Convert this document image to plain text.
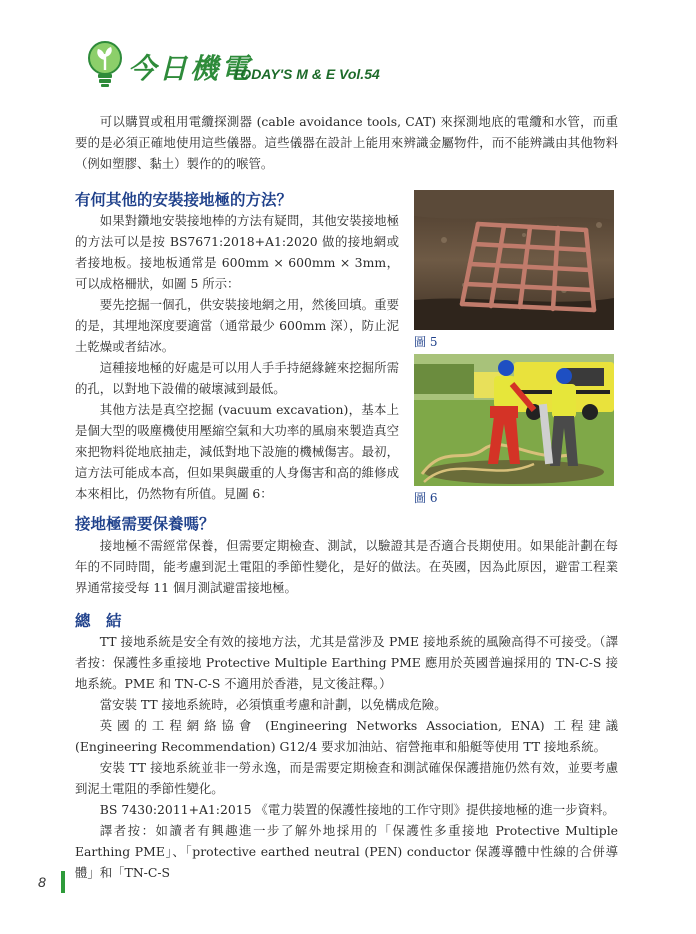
今日機電
TODAY'S M & E Vol.54

可以購買或租用電纜探測器 (cable avoidance tools, CAT) 來探測地底的電纜和水管，而重要的是必須正確地使用這些儀器。這些儀器在設計上能用來辨識金屬物件，而不能辨識由其他物料（例如塑膠、黏土）製作的的喉管。

有何其他的安裝接地極的方法？

如果對鑽地安裝接地棒的方法有疑問，其他安裝接地極的方法可以是按 BS7671:2018+A1:2020 做的接地網或者接地板。接地板通常是 600mm × 600mm × 3mm，可以成格柵狀，如圖 5 所示：

要先挖掘一個孔，供安裝接地網之用，然後回填。重要的是，其埋地深度要適當（通常最少 600mm 深），防止泥土乾燥或者結冰。

這種接地極的好處是可以用人手手持絕緣鏟來挖掘所需的孔，以對地下設備的破壞減到最低。

其他方法是真空挖掘 (vacuum excavation)，基本上是個大型的吸塵機使用壓縮空氣和大功率的風扇來製造真空來把物料從地底抽走，減低對地下設施的機械傷害。最初，這方法可能成本高，但如果與嚴重的人身傷害和高的維修成本來相比，仍然物有所值。見圖 6：

圖 5
圖 6
接地極需要保養嗎？

接地極不需經常保養，但需要定期檢查、測試，以驗證其是否適合長期使用。如果能計劃在每年的不同時間，能考慮到泥土電阻的季節性變化，是好的做法。在英國，因為此原因，避雷工程業界通常接受每 11 個月測試避雷接地極。

總　結

TT 接地系統是安全有效的接地方法，尤其是當涉及 PME 接地系統的風險高得不可接受。（譯者按：保護性多重接地 Protective Multiple Earthing PME 應用於英國普遍採用的 TN-C-S 接地系統。PME 和 TN-C-S 不適用於香港，見文後註釋。）

當安裝 TT 接地系統時，必須慎重考慮和計劃，以免構成危險。

英國的工程網絡協會 (Engineering Networks Association, ENA) 工程建議 (Engineering Recommendation) G12/4 要求加油站、宿營拖車和船艇等使用 TT 接地系統。

安裝 TT 接地系統並非一勞永逸，而是需要定期檢查和測試確保保護措施仍然有效，並要考慮到泥土電阻的季節性變化。

BS 7430:2011+A1:2015 《電力裝置的保護性接地的工作守則》提供接地極的進一步資料。

譯者按：如讀者有興趣進一步了解外地採用的「保護性多重接地 Protective Multiple Earthing PME」、「protective earthed neutral (PEN) conductor 保護導體中性線的合併導體」和「TN-C-S

8
